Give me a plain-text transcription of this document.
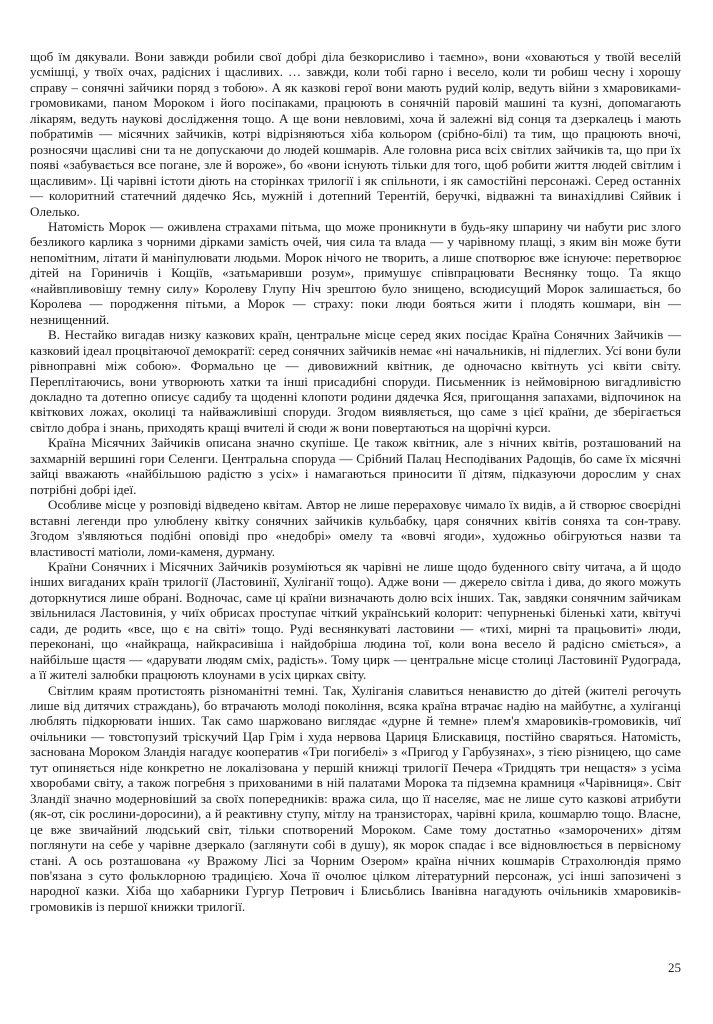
щоб їм дякували. Вони завжди робили свої добрі діла безкорисливо і таємно», вони «ховаються у твоїй веселій усмішці, у твоїх очах, радісних і щасливих. … завжди, коли тобі гарно і весело, коли ти робиш чесну і хорошу справу – сонячні зайчики поряд з тобою». А як казкові герої вони мають рудий колір, ведуть війни з хмаровиками-громовиками, паном Мороком і його посіпаками, працюють в сонячній паровій машині та кузні, допомагають лікарям, ведуть наукові дослідження тощо. А ще вони невловимі, хоча й залежні від сонця та дзеркалець і мають побратимів — місячних зайчиків, котрі відрізняються хіба кольором (срібно-білі) та тим, що працюють вночі, розносячи щасливі сни та не допускаючи до людей кошмарів. Але головна риса всіх світлих зайчиків та, що при їх появі «забувається все погане, зле й вороже», бо «вони існують тільки для того, щоб робити життя людей світлим і щасливим». Ці чарівні істоти діють на сторінках трилогії і як спільноти, і як самостійні персонажі. Серед останніх — колоритний статечний дядечко Ясь, мужній і дотепний Терентій, беручкі, відважні та винахідливі Сяйвик і Олелько.

Натомість Морок — оживлена страхами пітьма, що може проникнути в будь-яку шпарину чи набути рис злого безликого карлика з чорними дірками замість очей, чия сила та влада — у чарівному плащі, з яким він може бути непомітним, літати й маніпулювати людьми. Морок нічого не творить, а лише спотворює вже існуюче: перетворює дітей на Гориничів і Кощіїв, «затьмаривши розум», примушує співпрацювати Веснянку тощо. Та якщо «найвпливовішу темну силу» Королеву Глупу Ніч зрештою було знищено, всюдисущий Морок залишається, бо Королева — породження пітьми, а Морок — страху: поки люди бояться жити і плодять кошмари, він — незнищенний.

В. Нестайко вигадав низку казкових країн, центральне місце серед яких посідає Країна Сонячних Зайчиків — казковий ідеал процвітаючої демократії: серед сонячних зайчиків немає «ні начальників, ні підлеглих. Усі вони були рівноправні між собою». Формально це — дивовижний квітник, де одночасно квітнуть усі квіти світу. Переплітаючись, вони утворюють хатки та інші присадибні споруди. Письменник із неймовірною вигадливістю докладно та дотепно описує садибу та щоденні клопоти родини дядечка Яся, пригощання запахами, відпочинок на квіткових ложах, околиці та найважливіші споруди. Згодом виявляється, що саме з цієї країни, де зберігається світло добра і знань, приходять кращі вчителі й сюди ж вони повертаються на щорічні курси.

Країна Місячних Зайчиків описана значно скупіше. Це також квітник, але з нічних квітів, розташований на захмарній вершині гори Селенги. Центральна споруда — Срібний Палац Несподіваних Радощів, бо саме їх місячні зайці вважають «найбільшою радістю з усіх» і намагаються приносити її дітям, підказуючи дорослим у снах потрібні добрі ідеї.

Особливе місце у розповіді відведено квітам. Автор не лише перераховує чимало їх видів, а й створює своєрідні вставні легенди про улюблену квітку сонячних зайчиків кульбабку, царя сонячних квітів соняха та сон-траву. Згодом з'являються подібні оповіді про «недобрі» омелу та «вовчі ягоди», художньо обігруються назви та властивості матіоли, ломи-каменя, дурману.

Країни Сонячних і Місячних Зайчиків розуміються як чарівні не лише щодо буденного світу читача, а й щодо інших вигаданих країн трилогії (Ластовинії, Хуліганії тощо). Адже вони — джерело світла і дива, до якого можуть доторкнутися лише обрані. Водночас, саме ці країни визначають долю всіх інших. Так, завдяки сонячним зайчикам звільнилася Ластовинія, у чиїх обрисах проступає чіткий український колорит: чепурненькі біленькі хати, квітучі сади, де родить «все, що є на світі» тощо. Руді веснянкуваті ластовини — «тихі, мирні та працьовиті» люди, переконані, що «найкраща, найкрасивіша і найдобріша людина тої, коли вона весело й радісно сміється», а найбільше щастя — «дарувати людям сміх, радість». Тому цирк — центральне місце столиці Ластовинії Рудограда, а її жителі залюбки працюють клоунами в усіх цирках світу.

Світлим краям протистоять різноманітні темні. Так, Хуліганія славиться ненавистю до дітей (жителі регочуть лише від дитячих страждань), бо втрачають молоді покоління, всяка країна втрачає надію на майбутнє, а хуліганці люблять підкорювати інших. Так само шаржовано виглядає «дурне й темне» плем'я хмаровиків-громовиків, чиї очільники — товстопузий тріскучий Цар Грім і худа нервова Цариця Блискавиця, постійно сваряться. Натомість, заснована Мороком Зландія нагадує кооператив «Три погибелі» з «Пригод у Гарбузянах», з тією різницею, що саме тут опиняється ніде конкретно не локалізована у першій книжці трилогії Печера «Тридцять три нещастя» з усіма хворобами світу, а також погребня з прихованими в ній палатами Морока та підземна крамниця «Чарівниця». Світ Зландії значно модерновіший за своїх попередників: вража сила, що її населяє, має не лише суто казкові атрибути (як-от, сік рослини-доросини), а й реактивну ступу, мітлу на транзисторах, чарівні крила, кошмарлю тощо. Власне, це вже звичайний людський світ, тільки спотворений Мороком. Саме тому достатньо «заморочених» дітям поглянути на себе у чарівне дзеркало (заглянути собі в душу), як морок спадає і все відновлюється в первісному стані. А ось розташована «у Вражому Лісі за Чорним Озером» країна нічних кошмарів Страхолюндія прямо пов'язана з суто фольклорною традицією. Хоча її очолює цілком літературний персонаж, усі інші запозичені з народної казки. Хіба що хабарники Гургур Петрович і Блисьблись Іванівна нагадують очільників хмаровиків-громовиків із першої книжки трилогії.

25
